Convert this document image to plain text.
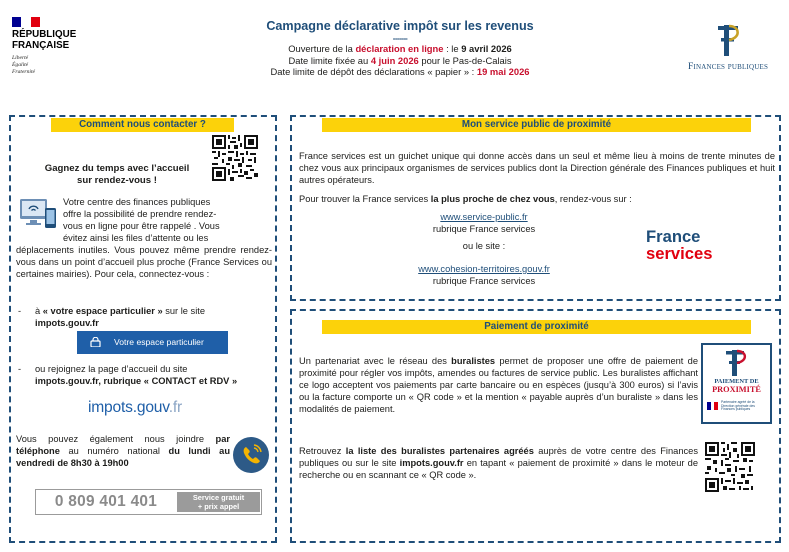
RÉPUBLIQUE
FRANÇAISE
Liberté
Égalité
Fraternité
Campagne déclarative impôt sur les revenus
-------
Ouverture de la déclaration en ligne : le 9 avril 2026
Date limite fixée au 4 juin 2026 pour le Pas-de-Calais
Date limite de dépôt des déclarations « papier » : 19 mai 2026	Finances publiques
Comment nous contacter ?
Gagnez du temps avec l’accueil
sur rendez-vous !
Votre centre des finances publiques
offre la possibilité de prendre rendez-
vous en ligne pour être rappelé . Vous
évitez ainsi les files d’attente ou les
déplacements inutiles. Vous pouvez même prendre rendez-vous dans un point d’accueil plus proche (France Services ou certaines mairies). Pour cela, connectez-vous :
-	à « votre espace particulier » sur le site
impots.gouv.fr
Votre espace particulier
-	ou rejoignez la page d’accueil du site
impots.gouv.fr, rubrique « CONTACT et RDV »
impots.gouv.fr
Vous pouvez également nous joindre par téléphone au numéro national du lundi au vendredi de 8h30 à 19h00
0 809 401 401	Service gratuit
+ prix appel
Mon service public de proximité
France services est un guichet unique qui donne accès dans un seul et même lieu à moins de trente minutes de chez vous aux principaux organismes de services publics dont la Direction générale des Finances publiques et huit autres opérateurs.
Pour trouver la France services la plus proche de chez vous, rendez-vous sur :
www.service-public.fr
rubrique France services
ou le site :
www.cohesion-territoires.gouv.fr
rubrique France services
France
services
Paiement de proximité
Un partenariat avec le réseau des buralistes permet de proposer une offre de paiement de proximité pour régler vos impôts, amendes ou factures de service public. Les buralistes affichant ce logo acceptent vos paiements par carte bancaire ou en espèces (jusqu’à 300 euros) si l’avis ou la facture comporte un « QR code » et la mention « payable auprès d’un buraliste » dans les modalités de paiement.
PAIEMENT DE
PROXIMITÉ
Partenaire agréé de la Direction générale des Finances publiques
Retrouvez la liste des buralistes partenaires agréés auprès de votre centre des Finances publiques ou sur le site impots.gouv.fr en tapant « paiement de proximité » dans le moteur de recherche ou en scannant ce « QR code ».
